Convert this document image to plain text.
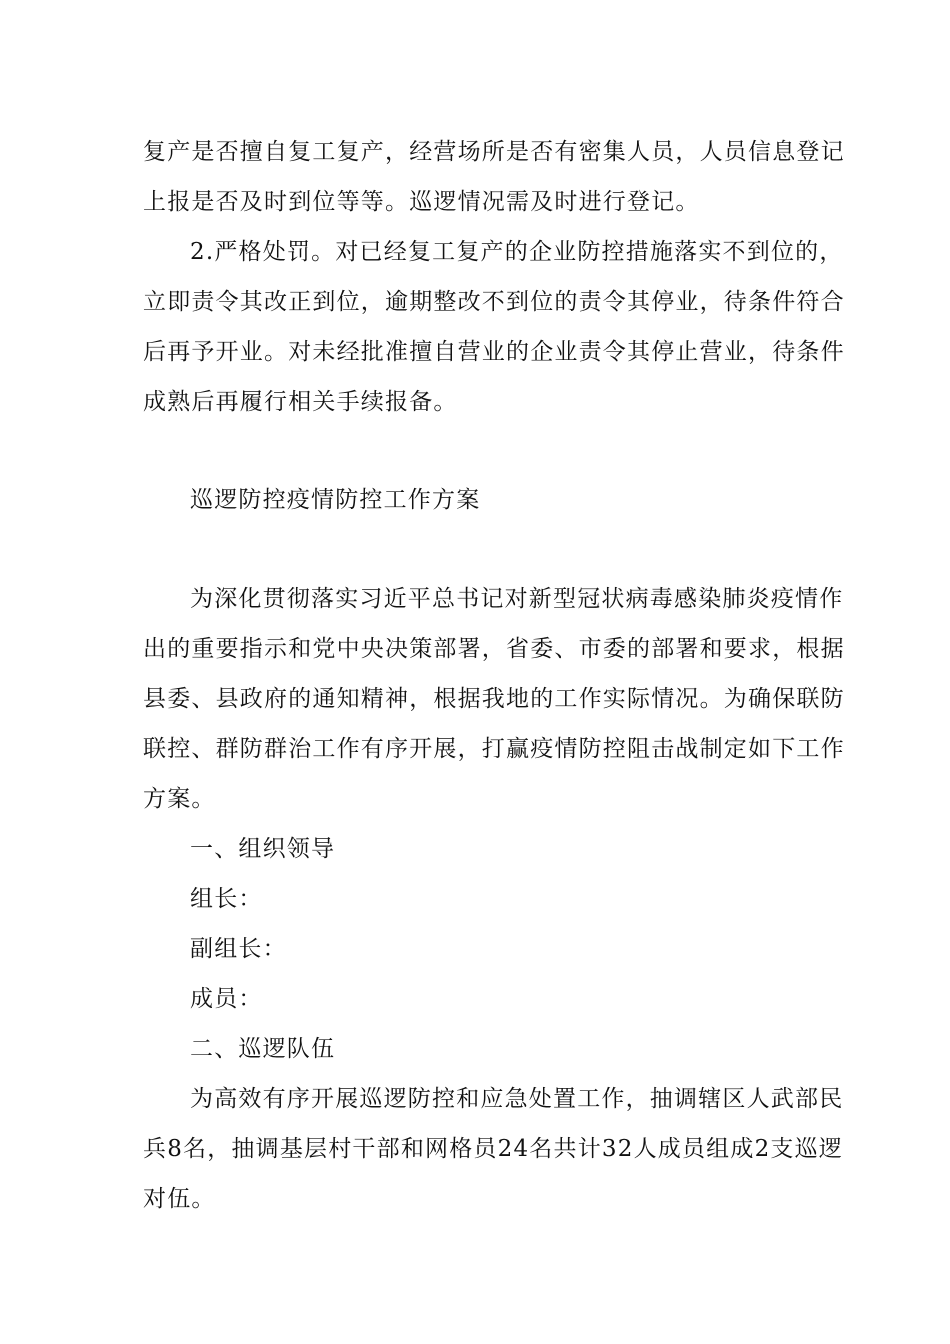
复产是否擅自复工复产，经营场所是否有密集人员，人员信息登记
上报是否及时到位等等。巡逻情况需及时进行登记。
2.严格处罚。对已经复工复产的企业防控措施落实不到位的，
立即责令其改正到位，逾期整改不到位的责令其停业，待条件符合
后再予开业。对未经批准擅自营业的企业责令其停止营业，待条件
成熟后再履行相关手续报备。
巡逻防控疫情防控工作方案
为深化贯彻落实习近平总书记对新型冠状病毒感染肺炎疫情作
出的重要指示和党中央决策部署，省委、市委的部署和要求，根据
县委、县政府的通知精神，根据我地的工作实际情况。为确保联防
联控、群防群治工作有序开展，打赢疫情防控阻击战制定如下工作
方案。
一、组织领导
组长：
副组长：
成员：
二、巡逻队伍
为高效有序开展巡逻防控和应急处置工作，抽调辖区人武部民
兵8名，抽调基层村干部和网格员24名共计32人成员组成2支巡逻
对伍。
